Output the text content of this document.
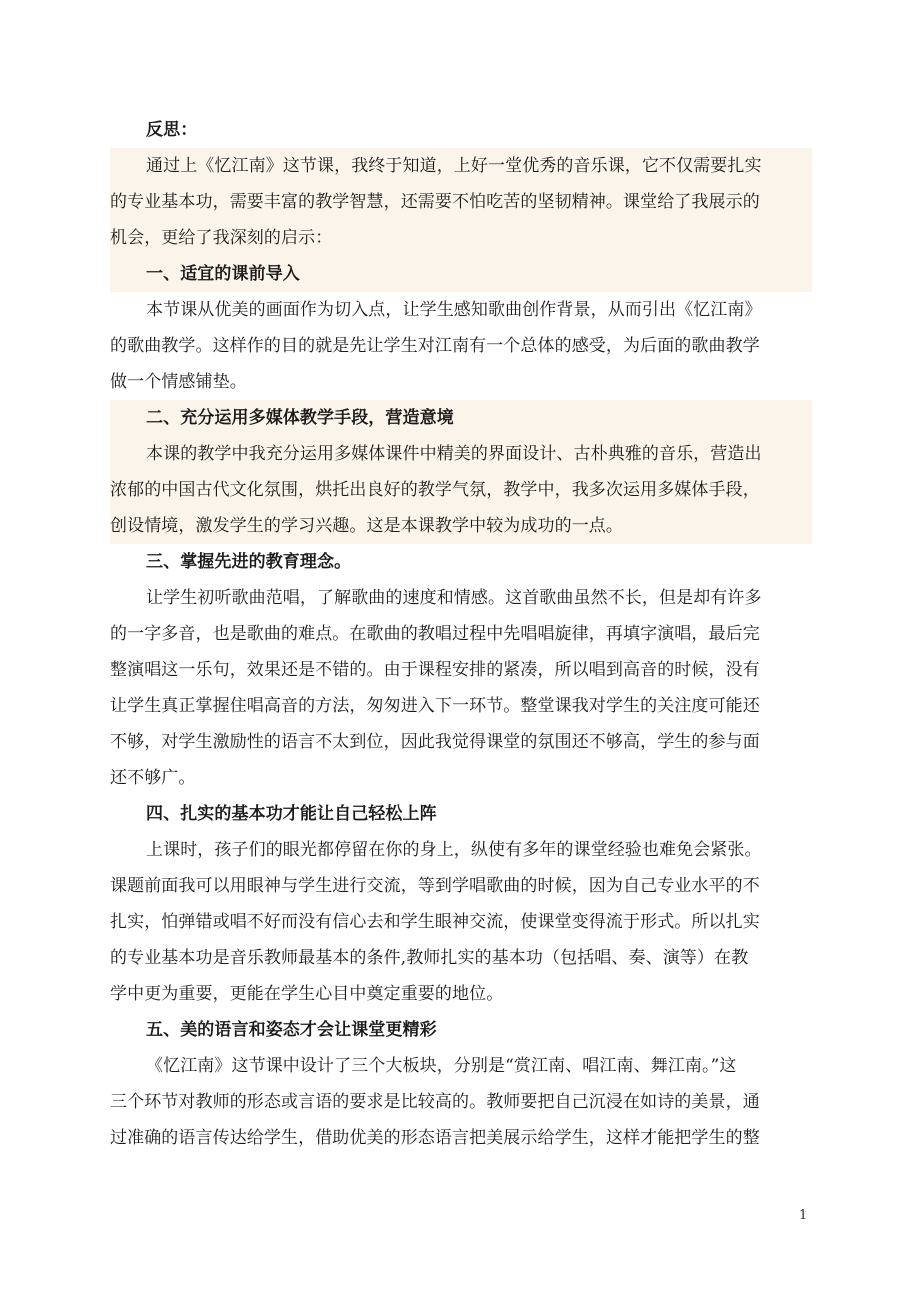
反思：
通过上《忆江南》这节课，我终于知道，上好一堂优秀的音乐课，它不仅需要扎实
的专业基本功，需要丰富的教学智慧，还需要不怕吃苦的坚韧精神。课堂给了我展示的
机会，更给了我深刻的启示：
一、适宜的课前导入
本节课从优美的画面作为切入点，让学生感知歌曲创作背景，从而引出《忆江南》
的歌曲教学。这样作的目的就是先让学生对江南有一个总体的感受，为后面的歌曲教学
做一个情感铺垫。
二、充分运用多媒体教学手段，营造意境
本课的教学中我充分运用多媒体课件中精美的界面设计、古朴典雅的音乐，营造出
浓郁的中国古代文化氛围，烘托出良好的教学气氛，教学中，我多次运用多媒体手段，
创设情境，激发学生的学习兴趣。这是本课教学中较为成功的一点。
三、掌握先进的教育理念。
让学生初听歌曲范唱，了解歌曲的速度和情感。这首歌曲虽然不长，但是却有许多
的一字多音，也是歌曲的难点。在歌曲的教唱过程中先唱唱旋律，再填字演唱，最后完
整演唱这一乐句，效果还是不错的。由于课程安排的紧凑，所以唱到高音的时候，没有
让学生真正掌握住唱高音的方法，匆匆进入下一环节。整堂课我对学生的关注度可能还
不够，对学生激励性的语言不太到位，因此我觉得课堂的氛围还不够高，学生的参与面
还不够广。
四、扎实的基本功才能让自己轻松上阵
上课时，孩子们的眼光都停留在你的身上，纵使有多年的课堂经验也难免会紧张。
课题前面我可以用眼神与学生进行交流，等到学唱歌曲的时候，因为自己专业水平的不
扎实，怕弹错或唱不好而没有信心去和学生眼神交流，使课堂变得流于形式。所以扎实
的专业基本功是音乐教师最基本的条件,教师扎实的基本功（包括唱、奏、演等）在教
学中更为重要，更能在学生心目中奠定重要的地位。
五、美的语言和姿态才会让课堂更精彩
《忆江南》这节课中设计了三个大板块，分别是“赏江南、唱江南、舞江南。”这
三个环节对教师的形态或言语的要求是比较高的。教师要把自己沉浸在如诗的美景，通
过准确的语言传达给学生，借助优美的形态语言把美展示给学生，这样才能把学生的整
1
